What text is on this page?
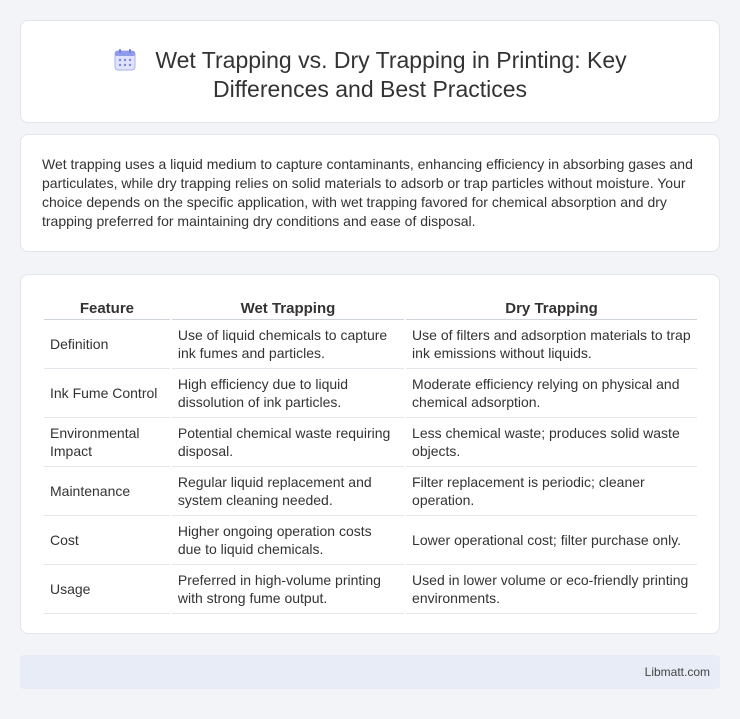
Wet Trapping vs. Dry Trapping in Printing: Key Differences and Best Practices

Wet trapping uses a liquid medium to capture contaminants, enhancing efficiency in absorbing gases and particulates, while dry trapping relies on solid materials to adsorb or trap particles without moisture. Your choice depends on the specific application, with wet trapping favored for chemical absorption and dry trapping preferred for maintaining dry conditions and ease of disposal.

Feature	Wet Trapping	Dry Trapping
Definition	Use of liquid chemicals to capture ink fumes and particles.	Use of filters and adsorption materials to trap ink emissions without liquids.
Ink Fume Control	High efficiency due to liquid dissolution of ink particles.	Moderate efficiency relying on physical and chemical adsorption.
Environmental Impact	Potential chemical waste requiring disposal.	Less chemical waste; produces solid waste objects.
Maintenance	Regular liquid replacement and system cleaning needed.	Filter replacement is periodic; cleaner operation.
Cost	Higher ongoing operation costs due to liquid chemicals.	Lower operational cost; filter purchase only.
Usage	Preferred in high-volume printing with strong fume output.	Used in lower volume or eco-friendly printing environments.
Libmatt.com
